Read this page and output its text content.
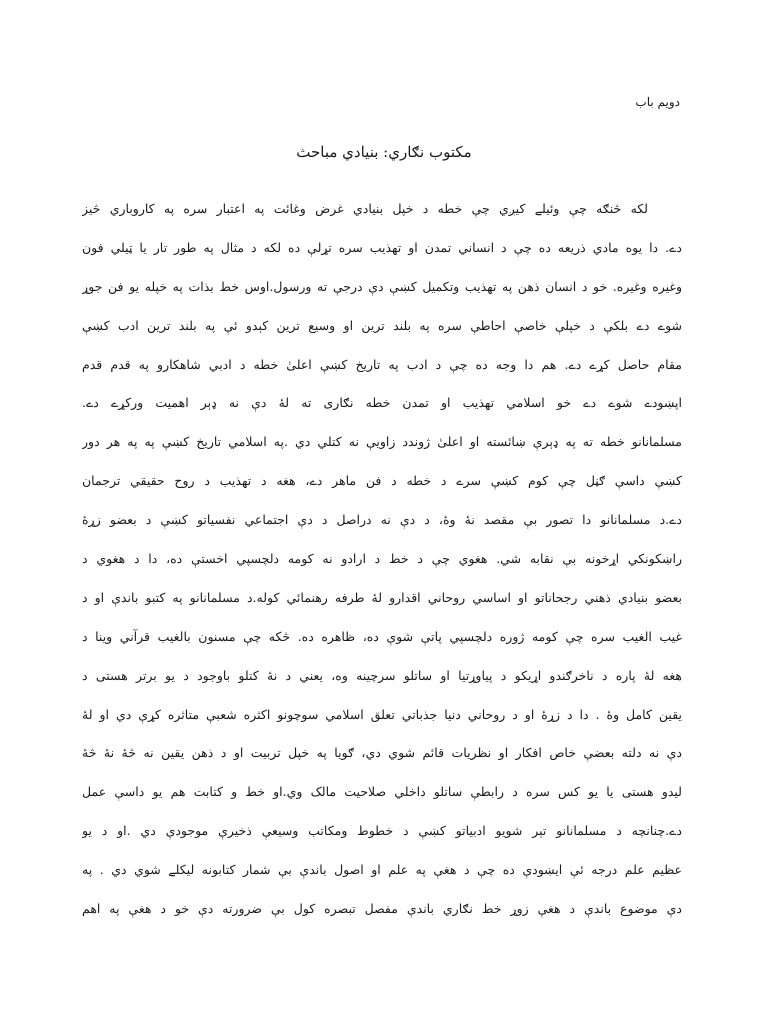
دويم باب
مکتوب نګاري: بنيادي مباحث
لکه څنګه چې وئيلے کيږي چې خطه د خپل بنيادي غرض وغائت په اعتبار سره په کاروباري څيز
دے. دا يوه مادي ذريعه ده چې د انساني تمدن او تهذيب سره تړلې ده لکه د مثال په طور تار يا ټيلي فون
وغيره وغيره. خو د انسان ذهن په تهذيب وتکميل کښې دې درجې ته ورسول.اوس خط بذات په خپله يو فن جوړ
شوے دے بلکې د خپلې خاصې احاطې سره په بلند ترين او وسيع ترين کېدو ئې په بلند ترين ادب کښې
مقام حاصل کړے دے. هم دا وجه ده چې د ادب په تاريخ کښې اعلیٰ خطه د ادبي شاهکارو په قدم قدم
اپښودے شوے دے خو اسلامي تهذيب او تمدن خطه نګاری ته لۀ دې نه ډېر اهميت ورکړے دے.
مسلمانانو خطه ته په ډېرې ښائسته او اعلیٰ ژوندد زاويې نه کتلي دي .په اسلامي تاريخ کښې په په هر دور
کښې داسې ګڼل چې کوم کښې سرے د خطه د فن ماهر دے، هغه د تهذيب د روح حقيقي ترجمان
دے.د مسلمانانو دا تصور بې مقصد نۀ وۀ، د دې نه دراصل د دې اجتماعي نفسياتو کښې د بعضو زړۀ
راښکونکي اړخونه بې نقابه شي. هغوي چې د خط د ارادو نه کومه دلچسپي اخستې ده، دا د هغوي د
بعضو بنيادي ذهني رجحاناتو او اساسي روحاني اقدارو لۀ طرفه رهنمائي کوله.د مسلمانانو په کتبو باندې او د
غيب الغيب سره چې کومه ژوره دلچسپي پاتې شوې ده، ظاهره ده. څکه چې مسنون بالغيب قرآني وينا د
هغه لۀ پاره د ناخرګندو اړيکو د پياوړتيا او ساتلو سرچينه وه، يعني د نۀ کتلو باوجود د يو برتر هستی د
يقين کامل وۀ . دا د زړۀ او د روحاني دنيا جذباتي تعلق اسلامي سوچونو اکثره شعبې متاثره کړې دي او لۀ
دې نه دلته بعضې خاص افکار او نظريات قائم شوي دي، ګويا په خپل تربيت او د ذهن يقين نه څۀ نۀ څۀ
ليدو هستی يا يو کس سره د رابطې ساتلو داخلي صلاحيت مالک وي.او خط و کتابت هم يو داسې عمل
دے.چنانچه د مسلمانانو تېر شويو ادبياتو کښې د خطوط ومکاتب وسيعې ذخيرې موجودې دي .او د يو
عظيم علم درجه ئې ايښودې ده چې د هغې په علم او اصول باندې بې شمار کتابونه ليکلے شوي دي . په
دې موضوع باندې د هغې زوړ خط نګاري باندې مفصل تبصره کول بې ضرورته دې خو د هغې په اهم
